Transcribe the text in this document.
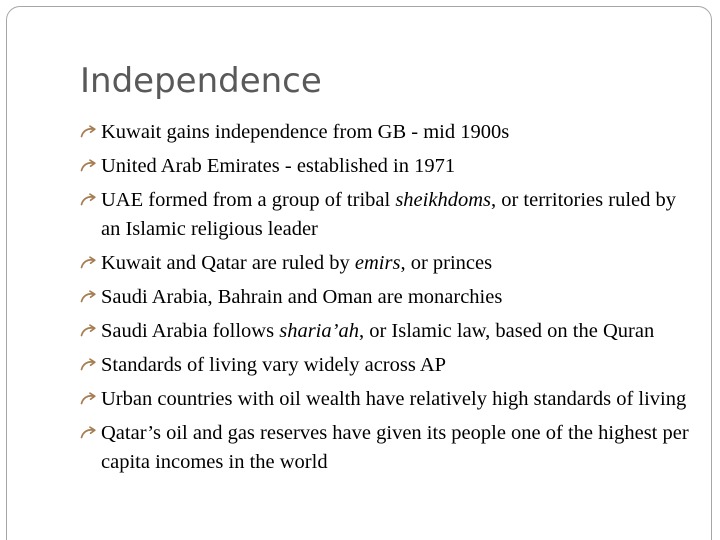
Independence
Kuwait gains independence from GB - mid 1900s
United Arab Emirates - established in 1971
UAE formed from a group of tribal sheikhdoms, or territories ruled by an Islamic religious leader
Kuwait and Qatar are ruled by emirs, or princes
Saudi Arabia, Bahrain and Oman are monarchies
Saudi Arabia follows sharia’ah, or Islamic law, based on the Quran
Standards of living vary widely across AP
Urban countries with oil wealth have relatively high standards of living
Qatar’s oil and gas reserves have given its people one of the highest per capita incomes in the world
